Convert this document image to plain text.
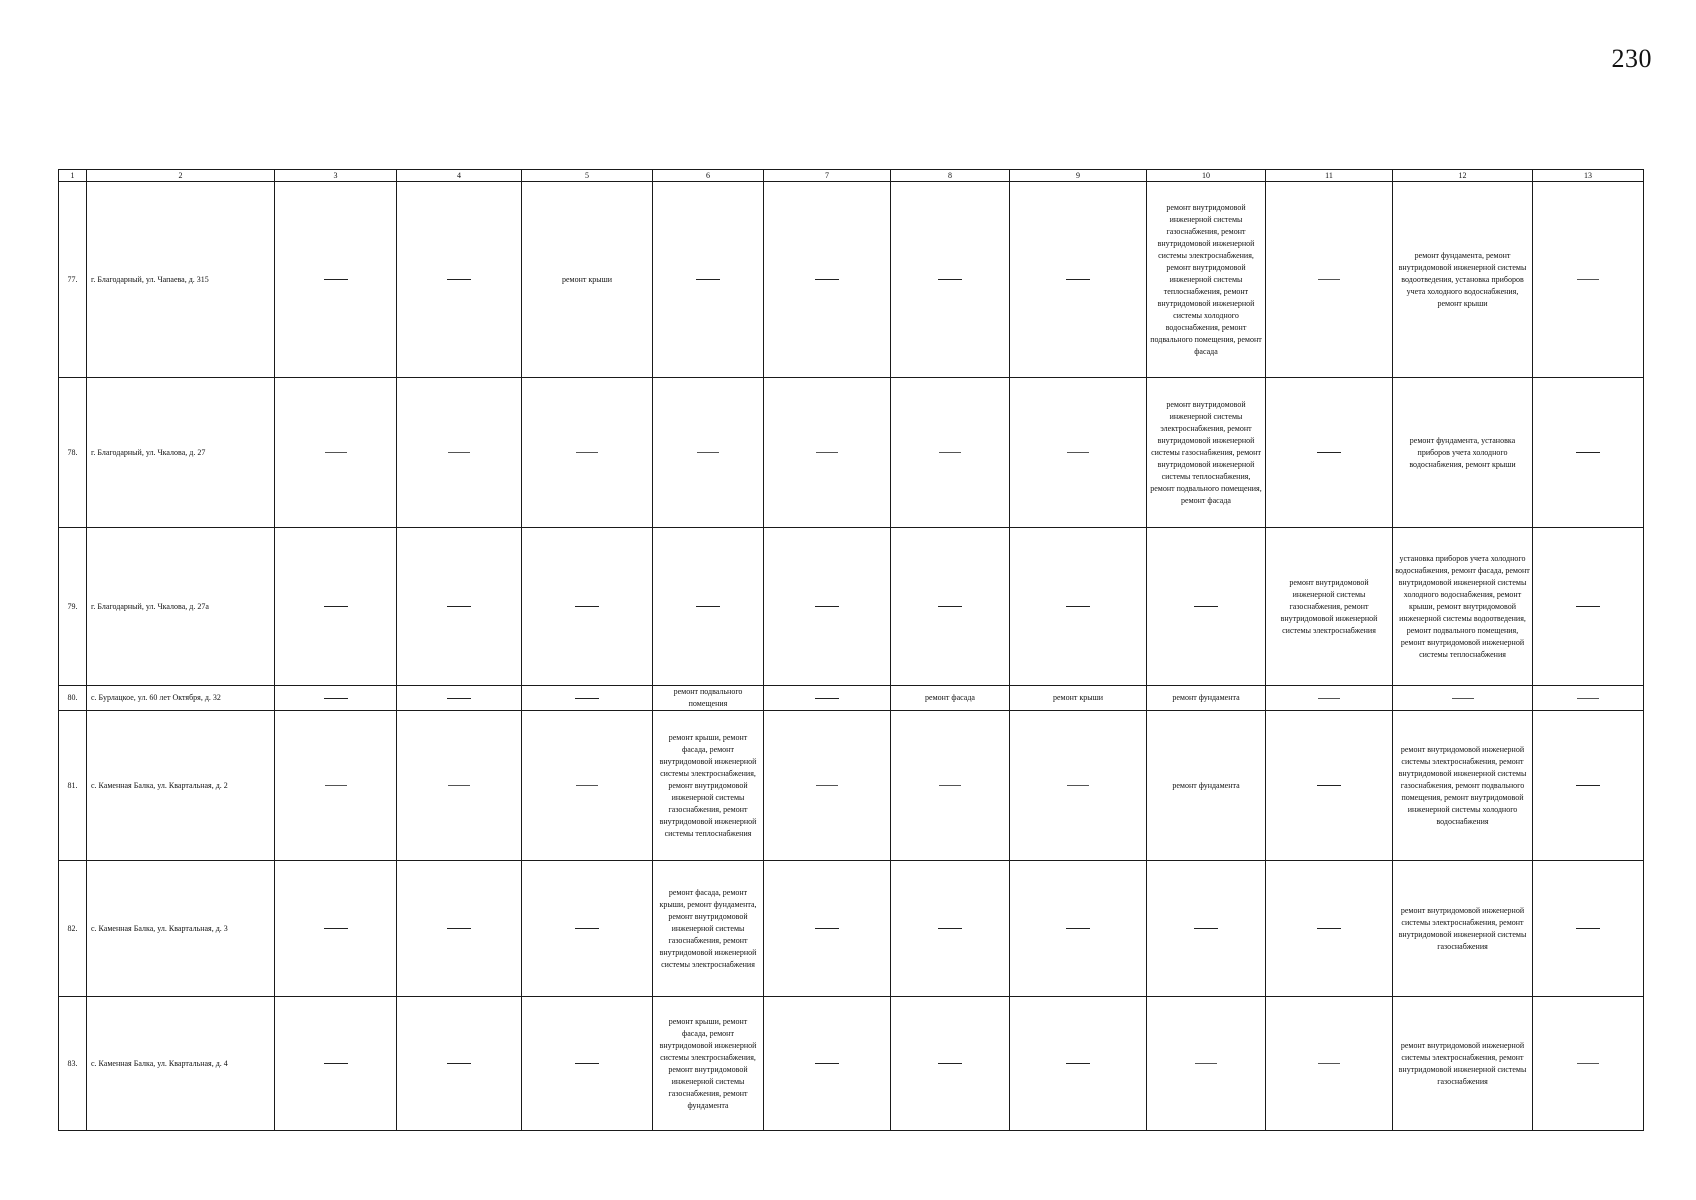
230
1	2	3	4	5	6	7	8	9	10	11	12	13

77.	г. Благодарный, ул. Чапаева, д. 315			ремонт крыши					ремонт внутридомовой инженерной системы газоснабжения, ремонт внутридомовой инженерной системы электроснабжения, ремонт внутридомовой инженерной системы теплоснабжения, ремонт внутридомовой инженерной системы холодного водоснабжения, ремонт подвального помещения, ремонт фасада		ремонт фундамента, ремонт внутридомовой инженерной системы водоотведения, установка приборов учета холодного водоснабжения, ремонт крыши	

78.	г. Благодарный, ул. Чкалова, д. 27								ремонт внутридомовой инженерной системы электроснабжения, ремонт внутридомовой инженерной системы газоснабжения, ремонт внутридомовой инженерной системы теплоснабжения, ремонт подвального помещения, ремонт фасада		ремонт фундамента, установка приборов учета холодного водоснабжения, ремонт крыши	

79.	г. Благодарный, ул. Чкалова, д. 27а									ремонт внутридомовой инженерной системы газоснабжения, ремонт внутридомовой инженерной системы электроснабжения	установка приборов учета холодного водоснабжения, ремонт фасада, ремонт внутридомовой инженерной системы холодного водоснабжения, ремонт крыши, ремонт внутридомовой инженерной системы водоотведения, ремонт подвального помещения, ремонт внутридомовой инженерной системы теплоснабжения	

80.	с. Бурлацкое, ул. 60 лет Октября, д. 32				ремонт подвального помещения		ремонт фасада	ремонт крыши	ремонт фундамента			

81.	с. Каменная Балка, ул. Квартальная, д. 2				ремонт крыши, ремонт фасада, ремонт внутридомовой инженерной системы электроснабжения, ремонт внутридомовой инженерной системы газоснабжения, ремонт внутридомовой инженерной системы теплоснабжения				ремонт фундамента		ремонт внутридомовой инженерной системы электроснабжения, ремонт внутридомовой инженерной системы газоснабжения, ремонт подвального помещения, ремонт внутридомовой инженерной системы холодного водоснабжения	

82.	с. Каменная Балка, ул. Квартальная, д. 3				ремонт фасада, ремонт крыши, ремонт фундамента, ремонт внутридомовой инженерной системы газоснабжения, ремонт внутридомовой инженерной системы электроснабжения						ремонт внутридомовой инженерной системы электроснабжения, ремонт внутридомовой инженерной системы газоснабжения	

83.	с. Каменная Балка, ул. Квартальная, д. 4				ремонт крыши, ремонт фасада, ремонт внутридомовой инженерной системы электроснабжения, ремонт внутридомовой инженерной системы газоснабжения, ремонт фундамента						ремонт внутридомовой инженерной системы электроснабжения, ремонт внутридомовой инженерной системы газоснабжения	
